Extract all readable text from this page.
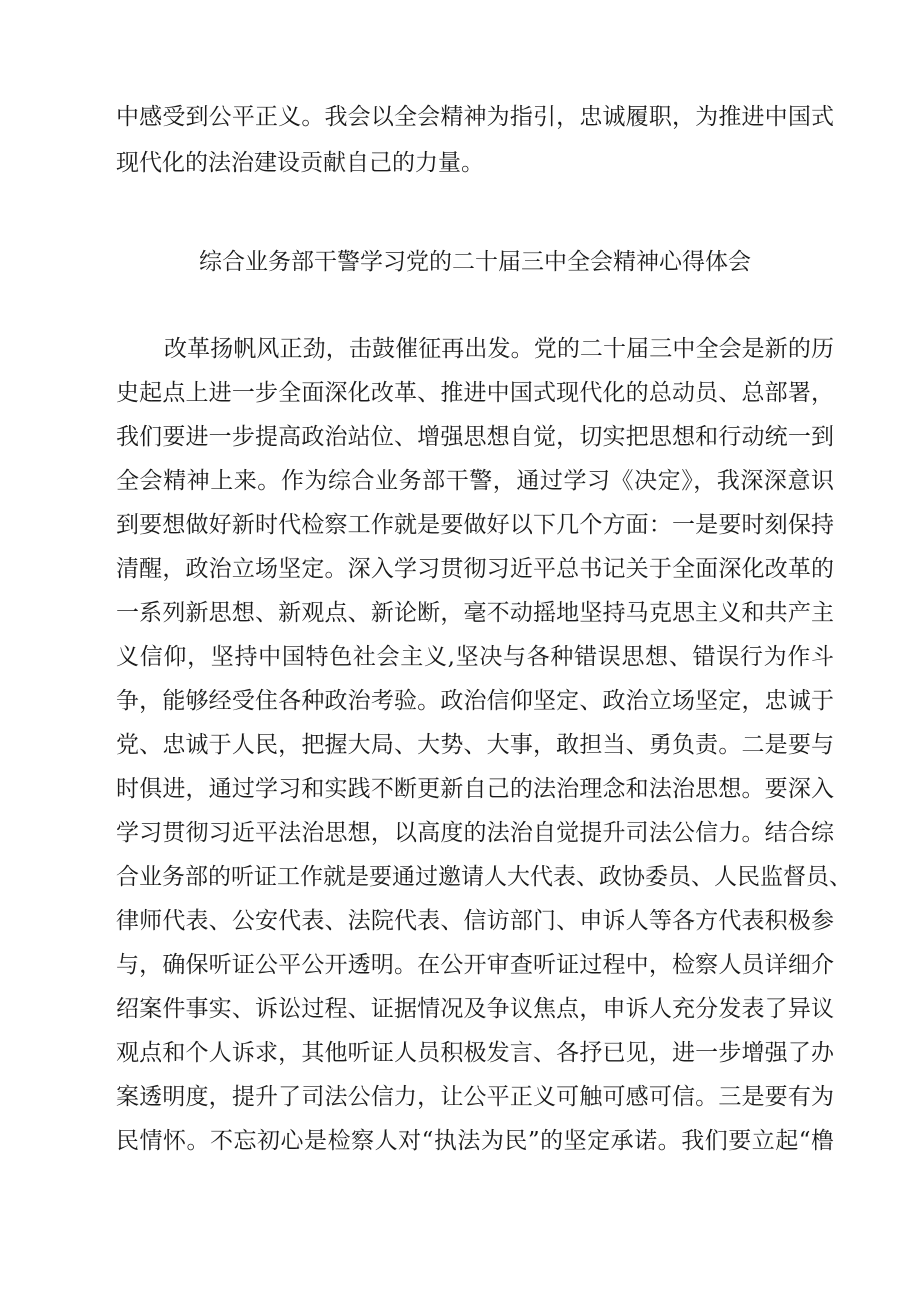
中感受到公平正义。我会以全会精神为指引，忠诚履职，为推进中国式
现代化的法治建设贡献自己的力量。
综合业务部干警学习党的二十届三中全会精神心得体会
改革扬帆风正劲，击鼓催征再出发。党的二十届三中全会是新的历
史起点上进一步全面深化改革、推进中国式现代化的总动员、总部署，
我们要进一步提高政治站位、增强思想自觉，切实把思想和行动统一到
全会精神上来。作为综合业务部干警，通过学习《决定》，我深深意识
到要想做好新时代检察工作就是要做好以下几个方面：一是要时刻保持
清醒，政治立场坚定。深入学习贯彻习近平总书记关于全面深化改革的
一系列新思想、新观点、新论断，毫不动摇地坚持马克思主义和共产主
义信仰，坚持中国特色社会主义,坚决与各种错误思想、错误行为作斗
争，能够经受住各种政治考验。政治信仰坚定、政治立场坚定，忠诚于
党、忠诚于人民，把握大局、大势、大事，敢担当、勇负责。二是要与
时俱进，通过学习和实践不断更新自己的法治理念和法治思想。要深入
学习贯彻习近平法治思想，以高度的法治自觉提升司法公信力。结合综
合业务部的听证工作就是要通过邀请人大代表、政协委员、人民监督员、
律师代表、公安代表、法院代表、信访部门、申诉人等各方代表积极参
与，确保听证公平公开透明。在公开审查听证过程中，检察人员详细介
绍案件事实、诉讼过程、证据情况及争议焦点，申诉人充分发表了异议
观点和个人诉求，其他听证人员积极发言、各抒已见，进一步增强了办
案透明度，提升了司法公信力，让公平正义可触可感可信。三是要有为
民情怀。不忘初心是检察人对“执法为民”的坚定承诺。我们要立起“橹
